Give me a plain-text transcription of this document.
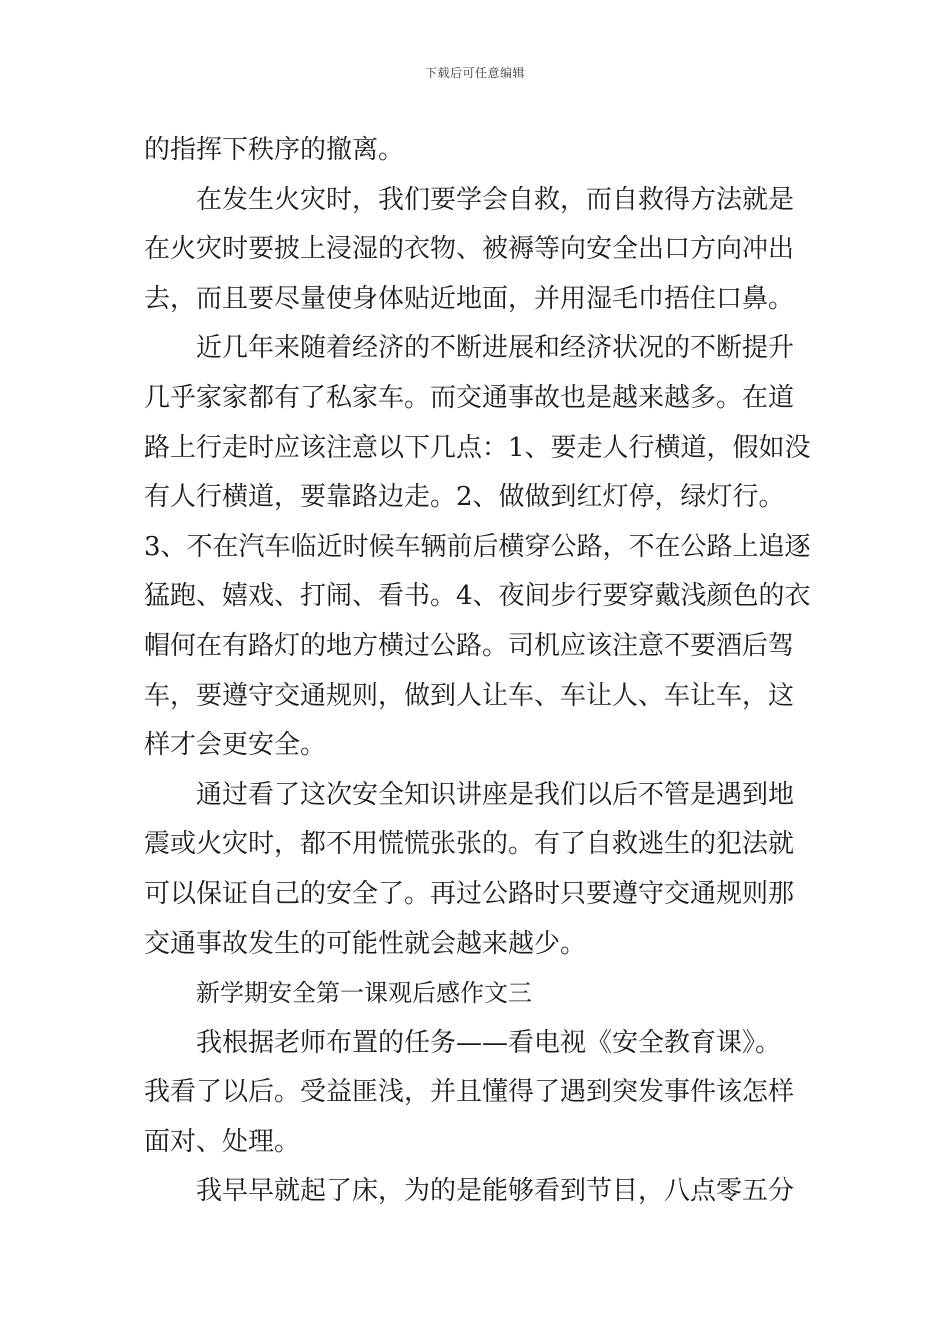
下载后可任意编辑
的指挥下秩序的撤离。
在发生火灾时，我们要学会自救，而自救得方法就是
在火灾时要披上浸湿的衣物、被褥等向安全出口方向冲出
去，而且要尽量使身体贴近地面，并用湿毛巾捂住口鼻。
近几年来随着经济的不断进展和经济状况的不断提升
几乎家家都有了私家车。而交通事故也是越来越多。在道
路上行走时应该注意以下几点：1、要走人行横道，假如没
有人行横道，要靠路边走。2、做做到红灯停，绿灯行。
3、不在汽车临近时候车辆前后横穿公路，不在公路上追逐
猛跑、嬉戏、打闹、看书。4、夜间步行要穿戴浅颜色的衣
帽何在有路灯的地方横过公路。司机应该注意不要酒后驾
车，要遵守交通规则，做到人让车、车让人、车让车，这
样才会更安全。
通过看了这次安全知识讲座是我们以后不管是遇到地
震或火灾时，都不用慌慌张张的。有了自救逃生的犯法就
可以保证自己的安全了。再过公路时只要遵守交通规则那
交通事故发生的可能性就会越来越少。
新学期安全第一课观后感作文三
我根据老师布置的任务——看电视《安全教育课》。
我看了以后。受益匪浅，并且懂得了遇到突发事件该怎样
面对、处理。
我早早就起了床，为的是能够看到节目，八点零五分
